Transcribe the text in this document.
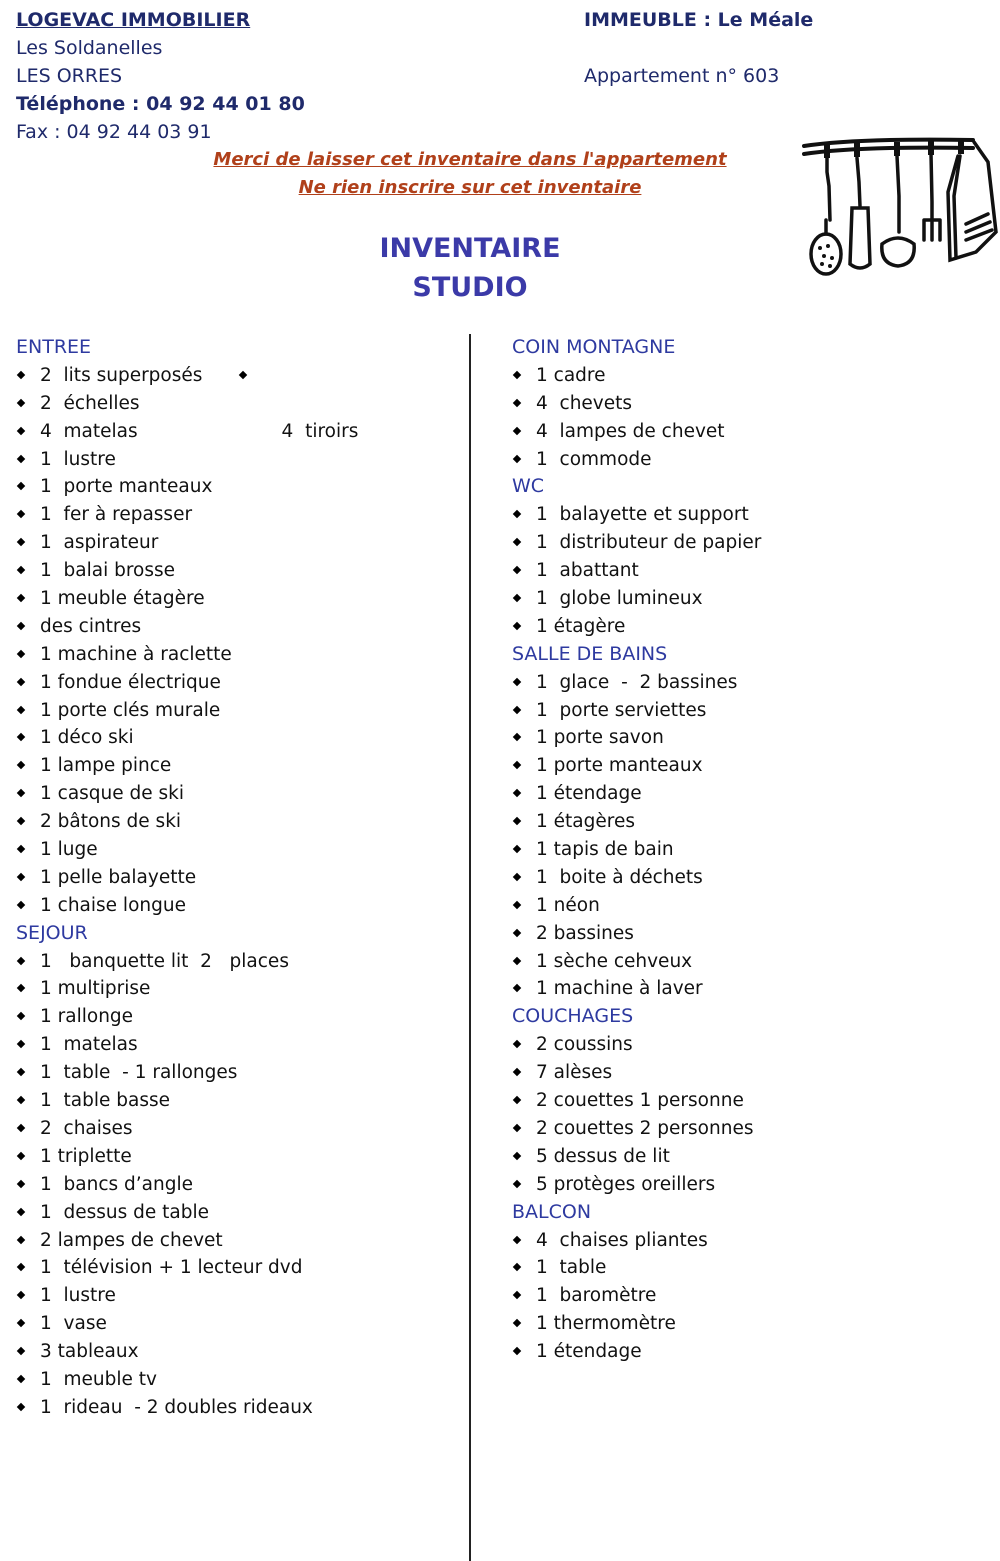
LOGEVAC IMMOBILIER
Les Soldanelles
LES ORRES
Téléphone : 04 92 44 01 80
Fax : 04 92 44 03 91
IMMEUBLE : Le Méale
Appartement n° 603
Merci de laisser cet inventaire dans l'appartement
Ne rien inscrire sur cet inventaire
INVENTAIRE
STUDIO
ENTREE
2  lits superposés
2  échelles
4  matelas
1  lustre
1  porte manteaux
1  fer à repasser
1  aspirateur
1  balai brosse
1 meuble étagère
des cintres
1 machine à raclette
1 fondue électrique
1 porte clés murale
1 déco ski
1 lampe pince
1 casque de ski
2 bâtons de ski
1 luge
1 pelle balayette
1 chaise longue
SEJOUR
1   banquette lit  2   places
1 multiprise
1 rallonge
1  matelas
1  table  - 1 rallonges
1  table basse
2  chaises
1 triplette
1  bancs d’angle
1  dessus de table
2 lampes de chevet
1  télévision + 1 lecteur dvd
1  lustre
1  vase
3 tableaux
1  meuble tv
1  rideau  - 2 doubles rideaux

4  tiroirs

COIN MONTAGNE
1 cadre
4  chevets
4  lampes de chevet
1  commode
WC
1  balayette et support
1  distributeur de papier
1  abattant
1  globe lumineux
1 étagère
SALLE DE BAINS
1  glace  -  2 bassines
1  porte serviettes
1 porte savon
1 porte manteaux
1 étendage
1 étagères
1 tapis de bain
1  boite à déchets
1 néon
2 bassines
1 sèche cehveux
1 machine à laver
COUCHAGES
2 coussins
7 alèses
2 couettes 1 personne
2 couettes 2 personnes
5 dessus de lit
5 protèges oreillers
BALCON
4  chaises pliantes
1  table
1  baromètre
1 thermomètre
1 étendage
